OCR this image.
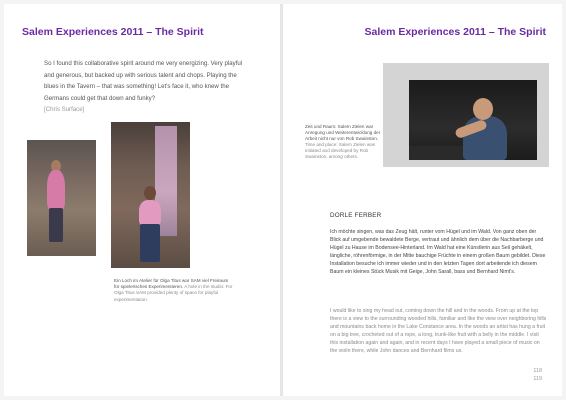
Salem Experiences 2011 – The Spirit	Salem Experiences 2011 – The Spirit
So I found this collaborative spirit around me very energizing. Very playful and generous, but backed up with serious talent and chops. Playing the blues in the Tavern – that was something! Let's face it, who knew the Germans could get that down and funky?
[Chris Surface]
Ein Loch im Atelier für Olga Titus war SAM viel Freiraum für spielerisches Experimentieren. A hole in the studio: For Olga Titus SAM provided plenty of space for playful experimentation.
Zeit und Raum: Salem Zielen war Anregung und Weiterentwicklung der Arbeit nicht nur von Rob Swainston. Time and place: Salem Zielen was initiated and developed by Rob Swainston, among others.
DORLE FERBER
Ich möchte singen, was das Zeug hält, runter vom Hügel und im Wald. Von ganz oben der Blick auf umgebende bewaldete Berge, vertraut und ähnlich dem über die Nachbarberge und Hügel zu Hause im Bodensee-Hinterland. Im Wald hat eine Künstlerin aus Seil gehäkelt, längliche, röhrenförmige, in der Mitte bauchige Früchte in einem großen Baum gebildet. Diese Installation besuche ich immer wieder und in den letzten Tagen dort arbeitende ich diesem Baum ein kleines Stück Musik mit Geige, John Sarall, bass und Bernhard Nimt's.
I would like to sing my head out, coming down the hill and in the woods. From up at the top there is a view to the surrounding wooded hills, familiar and like the view over neighboring hills and mountains back home in the Lake Constance area. In the woods an artist has hung a fruit on a big tree, crocheted out of a rope, a long, trunk-like fruit with a belly in the middle. I visit this installation again and again, and in recent days I have played a small piece of music on the violin there, while John dances and Bernhard films us.
118
119
